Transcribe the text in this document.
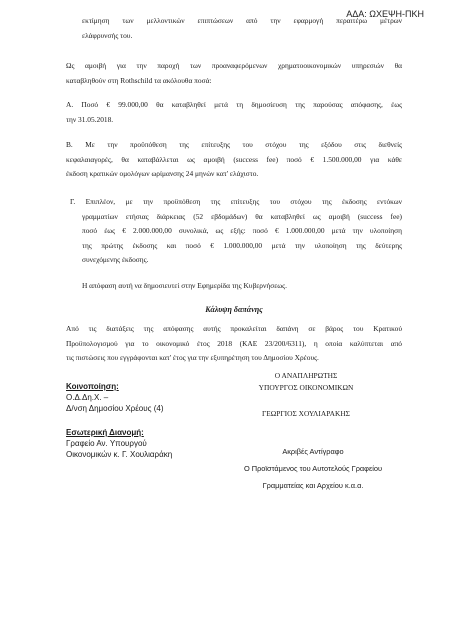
ΑΔΑ: ΩΧΕΨΗ-ΠΚΗ
εκτίμηση των μελλοντικών επιπτώσεων από την εφαρμογή περαιτέρω μέτρων
ελάφρυνσής του.
Ως αμοιβή για την παροχή των προαναφερόμενων χρηματοοικονομικών υπηρεσιών θα
καταβληθούν στη Rothschild τα ακόλουθα ποσά:
Α. Ποσό € 99.000,00 θα καταβληθεί μετά τη δημοσίευση της παρούσας απόφασης, έως
την 31.05.2018.
Β. Με την προϋπόθεση της επίτευξης του στόχου της εξόδου στις διεθνείς
κεφαλαιαγορές, θα καταβάλλεται ως αμοιβή (success fee) ποσό € 1.500.000,00 για κάθε
έκδοση κρατικών ομολόγων ωρίμανσης 24 μηνών κατ' ελάχιστο.
Γ. Επιπλέον, με την προϋπόθεση της επίτευξης του στόχου της έκδοσης εντόκων
γραμματίων ετήσιας διάρκειας (52 εβδομάδων) θα καταβληθεί ως αμοιβή (success fee)
ποσό έως € 2.000.000,00 συνολικά, ως εξής: ποσό € 1.000.000,00 μετά την υλοποίηση
της πρώτης έκδοσης και ποσό € 1.000.000,00 μετά την υλοποίηση της δεύτερης
συνεχόμενης έκδοσης.
Η απόφαση αυτή να δημοσιευτεί στην Εφημερίδα της Κυβερνήσεως.
Κάλυψη δαπάνης
Από τις διατάξεις της απόφασης αυτής προκαλείται δαπάνη σε βάρος του Κρατικού
Προϋπολογισμού για το οικονομικό έτος 2018 (ΚΑΕ 23/200/6311), η οποία καλύπτεται από
τις πιστώσεις που εγγράφονται κατ' έτος για την εξυπηρέτηση του Δημοσίου Χρέους.
Ο ΑΝΑΠΛΗΡΩΤΗΣ
ΥΠΟΥΡΓΟΣ ΟΙΚΟΝΟΜΙΚΩΝ
ΓΕΩΡΓΙΟΣ ΧΟΥΛΙΑΡΑΚΗΣ
Κοινοποίηση:
Ο.Δ.Δη.Χ. –
Δ/νση Δημοσίου Χρέους (4)
Εσωτερική Διανομή:
Γραφείο Αν. Υπουργού
Οικονομικών κ. Γ. Χουλιαράκη	Ακριβές Αντίγραφο
Ο Προϊστάμενος του Αυτοτελούς Γραφείου
Γραμματείας και Αρχείου κ.α.α.
